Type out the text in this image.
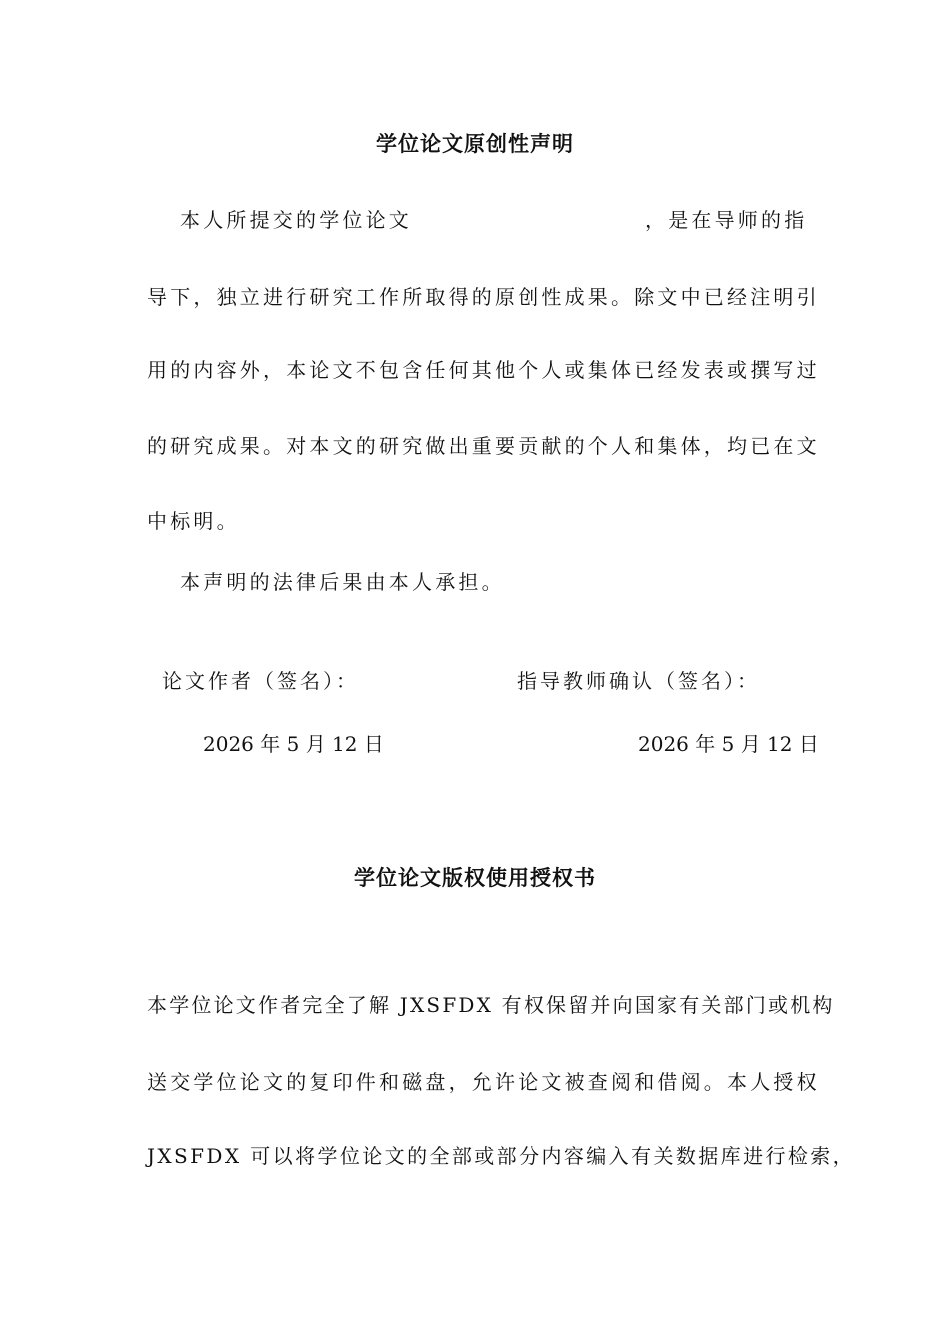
学位论文原创性声明

本人所提交的学位论文	，是在导师的指

导下，独立进行研究工作所取得的原创性成果。除文中已经注明引

用的内容外，本论文不包含任何其他个人或集体已经发表或撰写过

的研究成果。对本文的研究做出重要贡献的个人和集体，均已在文

中标明。

本声明的法律后果由本人承担。

论文作者（签名）：	指导教师确认（签名）：
2026 年 5 月 12 日	2026 年 5 月 12 日
学位论文版权使用授权书

本学位论文作者完全了解 JXSFDX 有权保留并向国家有关部门或机构

送交学位论文的复印件和磁盘，允许论文被查阅和借阅。本人授权

JXSFDX 可以将学位论文的全部或部分内容编入有关数据库进行检索，
